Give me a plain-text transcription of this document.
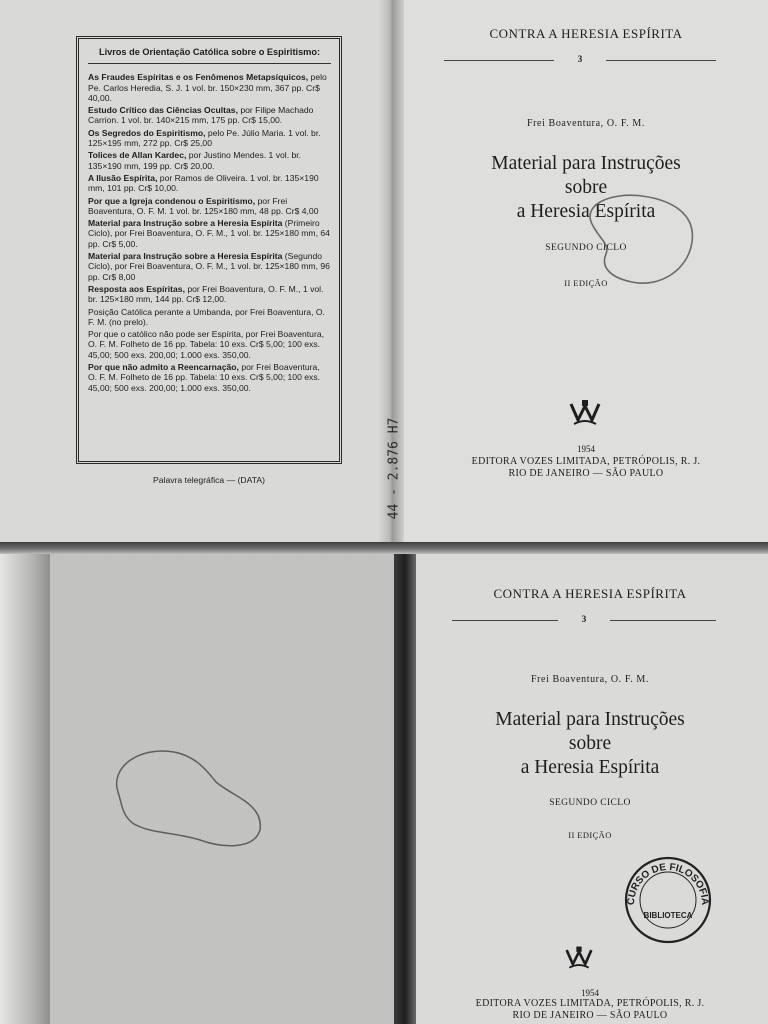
Livros de Orientação Católica sobre o Espiritismo:
As Fraudes Espíritas e os Fenômenos Metapsíquicos, pelo Pe. Carlos Heredia, S. J. 1 vol. br. 150×230 mm, 367 pp. Cr$ 40,00.
Estudo Crítico das Ciências Ocultas, por Filipe Machado Carrion. 1 vol. br. 140×215 mm, 175 pp. Cr$ 15,00.
Os Segredos do Espiritismo, pelo Pe. Júlio Maria. 1 vol. br. 125×195 mm, 272 pp. Cr$ 25,00
Tolices de Allan Kardec, por Justino Mendes. 1 vol. br. 135×190 mm, 199 pp. Cr$ 20,00.
A Ilusão Espírita, por Ramos de Oliveira. 1 vol. br. 135×190 mm, 101 pp. Cr$ 10,00.
Por que a Igreja condenou o Espiritismo, por Frei Boaventura, O. F. M. 1 vol. br. 125×180 mm, 48 pp. Cr$ 4,00
Material para Instrução sobre a Heresia Espírita (Primeiro Ciclo), por Frei Boaventura, O. F. M., 1 vol. br. 125×180 mm, 64 pp. Cr$ 5,00.
Material para Instrução sobre a Heresia Espírita (Segundo Ciclo), por Frei Boaventura, O. F. M., 1 vol. br. 125×180 mm, 96 pp. Cr$ 8,00
Resposta aos Espíritas, por Frei Boaventura, O. F. M., 1 vol. br. 125×180 mm, 144 pp. Cr$ 12,00.
Posição Católica perante a Umbanda, por Frei Boaventura, O. F. M. (no prelo).
Por que o católico não pode ser Espírita, por Frei Boaventura, O. F. M. Folheto de 16 pp. Tabela: 10 exs. Cr$ 5,00; 100 exs. 45,00; 500 exs. 200,00; 1.000 exs. 350,00.
Por que não admito a Reencarnação, por Frei Boaventura, O. F. M. Folheto de 16 pp. Tabela: 10 exs. Cr$ 5,00; 100 exs. 45,00; 500 exs. 200,00; 1.000 exs. 350,00.
Palavra telegráfica — (DATA)	44 - 2.876 H7
CONTRA A HERESIA ESPÍRITA
3
Frei Boaventura, O. F. M.
Material para Instruções
sobre
a Heresia Espírita
SEGUNDO CICLO
II EDIÇÃO
1954
EDITORA VOZES LIMITADA, PETRÓPOLIS, R. J.
RIO DE JANEIRO — SÃO PAULO
CONTRA A HERESIA ESPÍRITA
3
Frei Boaventura, O. F. M.
Material para Instruções
sobre
a Heresia Espírita
SEGUNDO CICLO
II EDIÇÃO
CURSO DE FILOSOFIA
BIBLIOTECA
1954
EDITORA VOZES LIMITADA, PETRÓPOLIS, R. J.
RIO DE JANEIRO — SÃO PAULO
